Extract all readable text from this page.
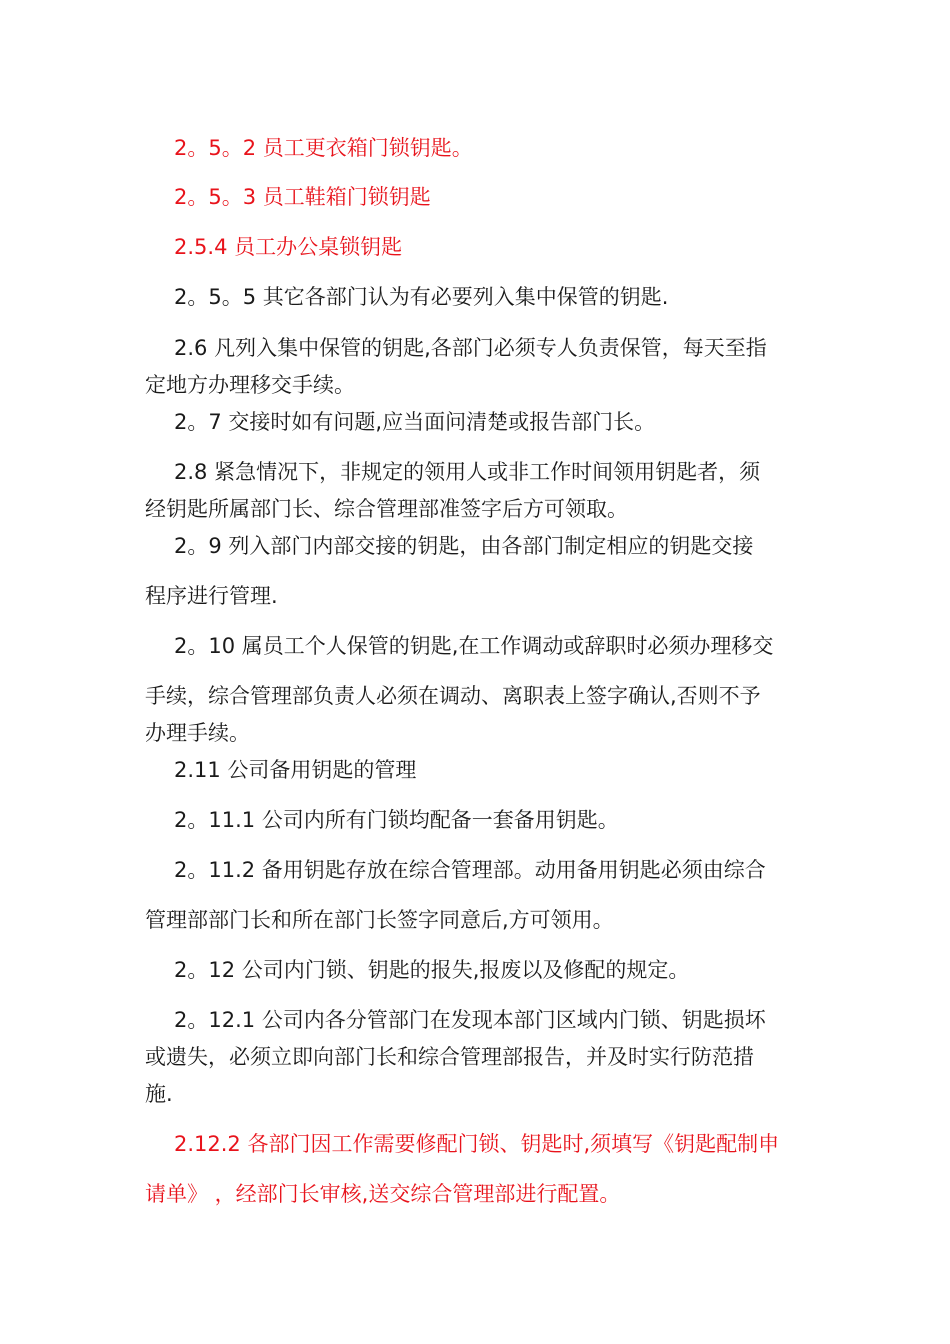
2。5。2 员工更衣箱门锁钥匙。
2。5。3 员工鞋箱门锁钥匙
2.5.4 员工办公桌锁钥匙
2。5。5 其它各部门认为有必要列入集中保管的钥匙.
2.6 凡列入集中保管的钥匙,各部门必须专人负责保管，每天至指
定地方办理移交手续。
2。7 交接时如有问题,应当面问清楚或报告部门长。
2.8 紧急情况下，非规定的领用人或非工作时间领用钥匙者，须
经钥匙所属部门长、综合管理部准签字后方可领取。
2。9 列入部门内部交接的钥匙，由各部门制定相应的钥匙交接
程序进行管理.
2。10 属员工个人保管的钥匙,在工作调动或辞职时必须办理移交
手续，综合管理部负责人必须在调动、离职表上签字确认,否则不予
办理手续。
2.11 公司备用钥匙的管理
2。11.1 公司内所有门锁均配备一套备用钥匙。
2。11.2 备用钥匙存放在综合管理部。动用备用钥匙必须由综合
管理部部门长和所在部门长签字同意后,方可领用。
2。12 公司内门锁、钥匙的报失,报废以及修配的规定。
2。12.1 公司内各分管部门在发现本部门区域内门锁、钥匙损坏
或遗失，必须立即向部门长和综合管理部报告，并及时实行防范措
施.
2.12.2 各部门因工作需要修配门锁、钥匙时,须填写《钥匙配制申
请单》 ，经部门长审核,送交综合管理部进行配置。
